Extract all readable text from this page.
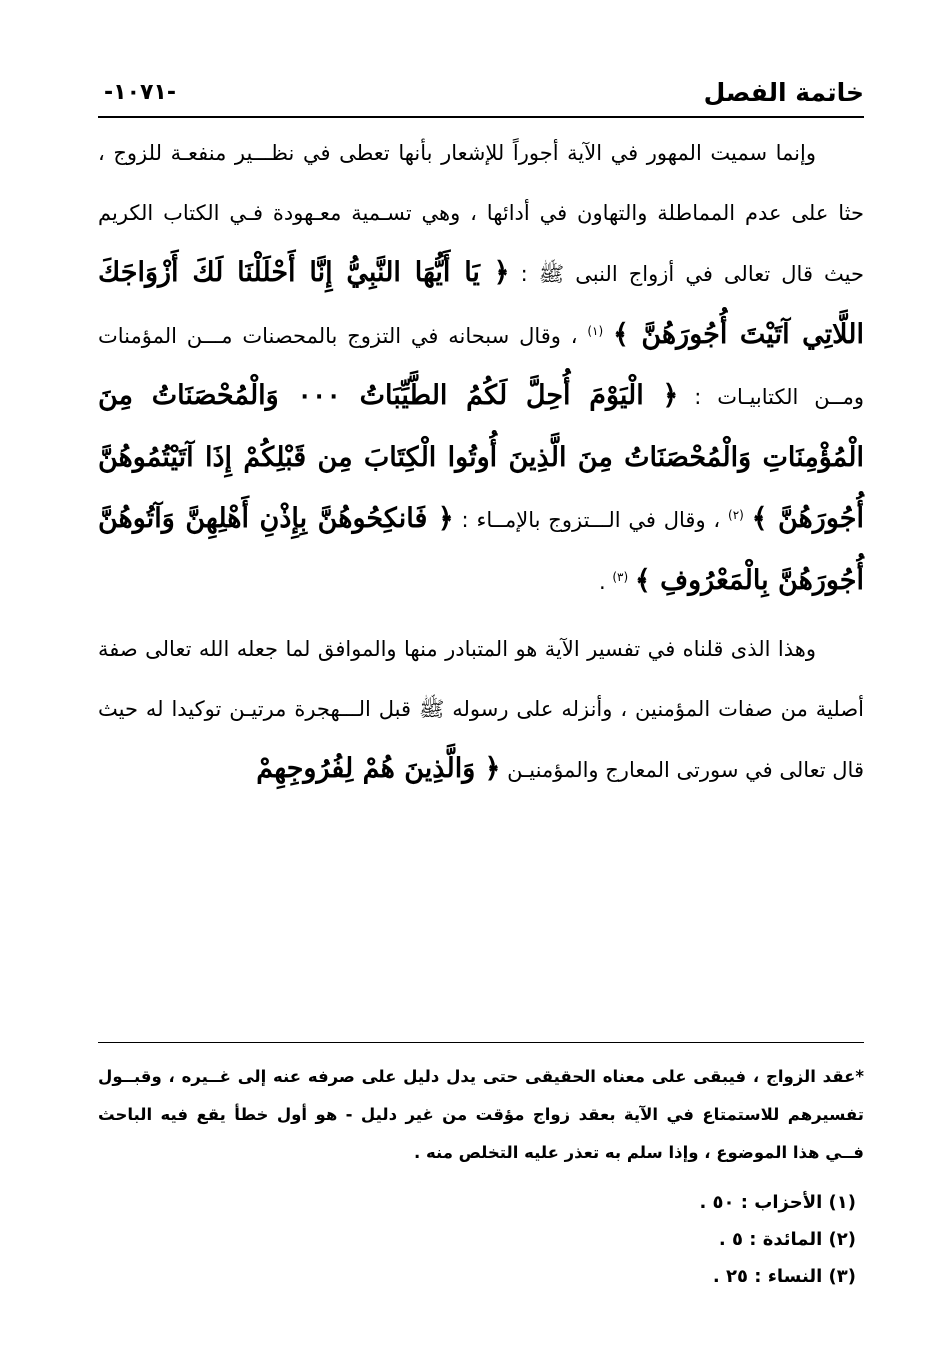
خاتمة الفصل
-١٠٧١-

وإنما سميت المهور في الآية أجوراً للإشعار بأنها تعطى في نظـــير منفعـة للزوج ، حثا على عدم المماطلة والتهاون في أدائها ، وهي تسـمية معـهودة فـي الكتاب الكريم حيث قال تعالى في أزواج النبى ﷺ : ﴿ يَا أَيُّهَا النَّبِيُّ إِنَّا أَحْلَلْنَا لَكَ أَزْوَاجَكَ اللَّاتِي آتَيْتَ أُجُورَهُنَّ ﴾ $^{(١)}$ ، وقال سبحانه في التزوج بالمحصنات مـــن المؤمنات ومــن الكتابيـات : ﴿ الْيَوْمَ أُحِلَّ لَكُمُ الطَّيِّبَاتُ ٠٠٠ وَالْمُحْصَنَاتُ مِنَ الْمُؤْمِنَاتِ وَالْمُحْصَنَاتُ مِنَ الَّذِينَ أُوتُوا الْكِتَابَ مِن قَبْلِكُمْ إِذَا آتَيْتُمُوهُنَّ أُجُورَهُنَّ ﴾ $^{(٢)}$ ، وقال في الـــتزوج بالإمــاء : ﴿ فَانكِحُوهُنَّ بِإِذْنِ أَهْلِهِنَّ وَآتُوهُنَّ أُجُورَهُنَّ بِالْمَعْرُوفِ ﴾ $^{(٣)}$ .

وهذا الذى قلناه في تفسير الآية هو المتبادر منها والموافق لما جعله الله تعالى صفة أصلية من صفات المؤمنين ، وأنزله على رسوله ﷺ قبل الـــهجرة مرتيـن توكيدا له حيث قال تعالى في سورتى المعارج والمؤمنيـن ﴿ وَالَّذِينَ هُمْ لِفُرُوجِهِمْ

*عقد الزواج ، فيبقى على معناه الحقيقى حتى يدل دليل على صرفه عنه إلى غــيره ، وقبــول تفسيرهم للاستمتاع في الآية بعقد زواج مؤقت من غير دليل - هو أول خطأ يقع فيه الباحث فــي هذا الموضوع ، وإذا سلم به تعذر عليه التخلص منه .

(١) الأحزاب : ٥٠ .
(٢) المائدة : ٥ .
(٣) النساء : ٢٥ .
